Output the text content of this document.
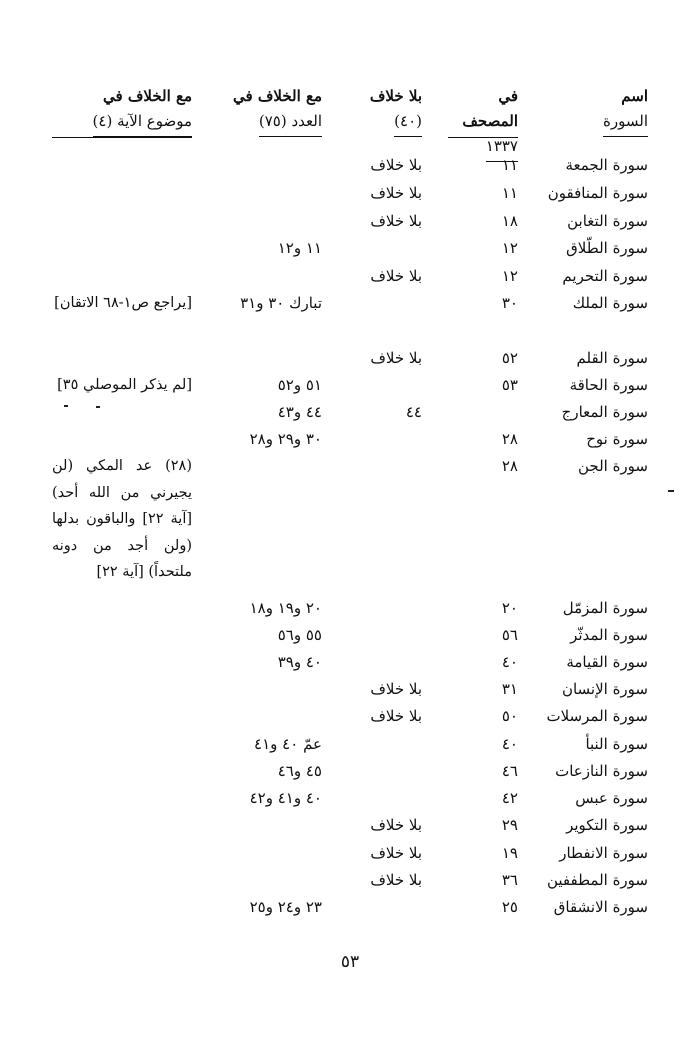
اسم
السورة
في المصحف
١٣٣٧
بلا خلاف
(٤٠)
مع الخلاف في
العدد (٧٥)
مع الخلاف في
موضوع الآية (٤)
سورة الجمعة
١١
بلا خلاف
سورة المنافقون
١١
بلا خلاف
سورة التغابن
١٨
بلا خلاف
سورة الطّلاق
١٢
١١ و١٢
سورة التحريم
١٢
بلا خلاف
سورة الملك
٣٠
تبارك ٣٠ و٣١
[يراجع ص١-٦٨ الاتقان]
سورة القلم
٥٢
بلا خلاف
سورة الحاقة
٥٣
٥١ و٥٢
[لم يذكر الموصلي ٣٥]
سورة المعارج
٤٤
٤٤ و٤٣
سورة نوح
٢٨
٣٠ و٢٩ و٢٨
سورة الجن
٢٨
(٢٨) عد المكي (لن يجيرني من الله أحد) [آية ٢٢] والباقون بدلها (ولن أجد من دونه ملتحداً) [آية ٢٢]
سورة المزمّل
٢٠
٢٠ و١٩ و١٨
سورة المدثّر
٥٦
٥٥ و٥٦
سورة القيامة
٤٠
٤٠ و٣٩
سورة الإنسان
٣١
بلا خلاف
سورة المرسلات
٥٠
بلا خلاف
سورة النبأ
٤٠
عمّ ٤٠ و٤١
سورة النازعات
٤٦
٤٥ و٤٦
سورة عبس
٤٢
٤٠ و٤١ و٤٢
سورة التكوير
٢٩
بلا خلاف
سورة الانفطار
١٩
بلا خلاف
سورة المطففين
٣٦
بلا خلاف
سورة الانشقاق
٢٥
٢٣ و٢٤ و٢٥
٥٣
